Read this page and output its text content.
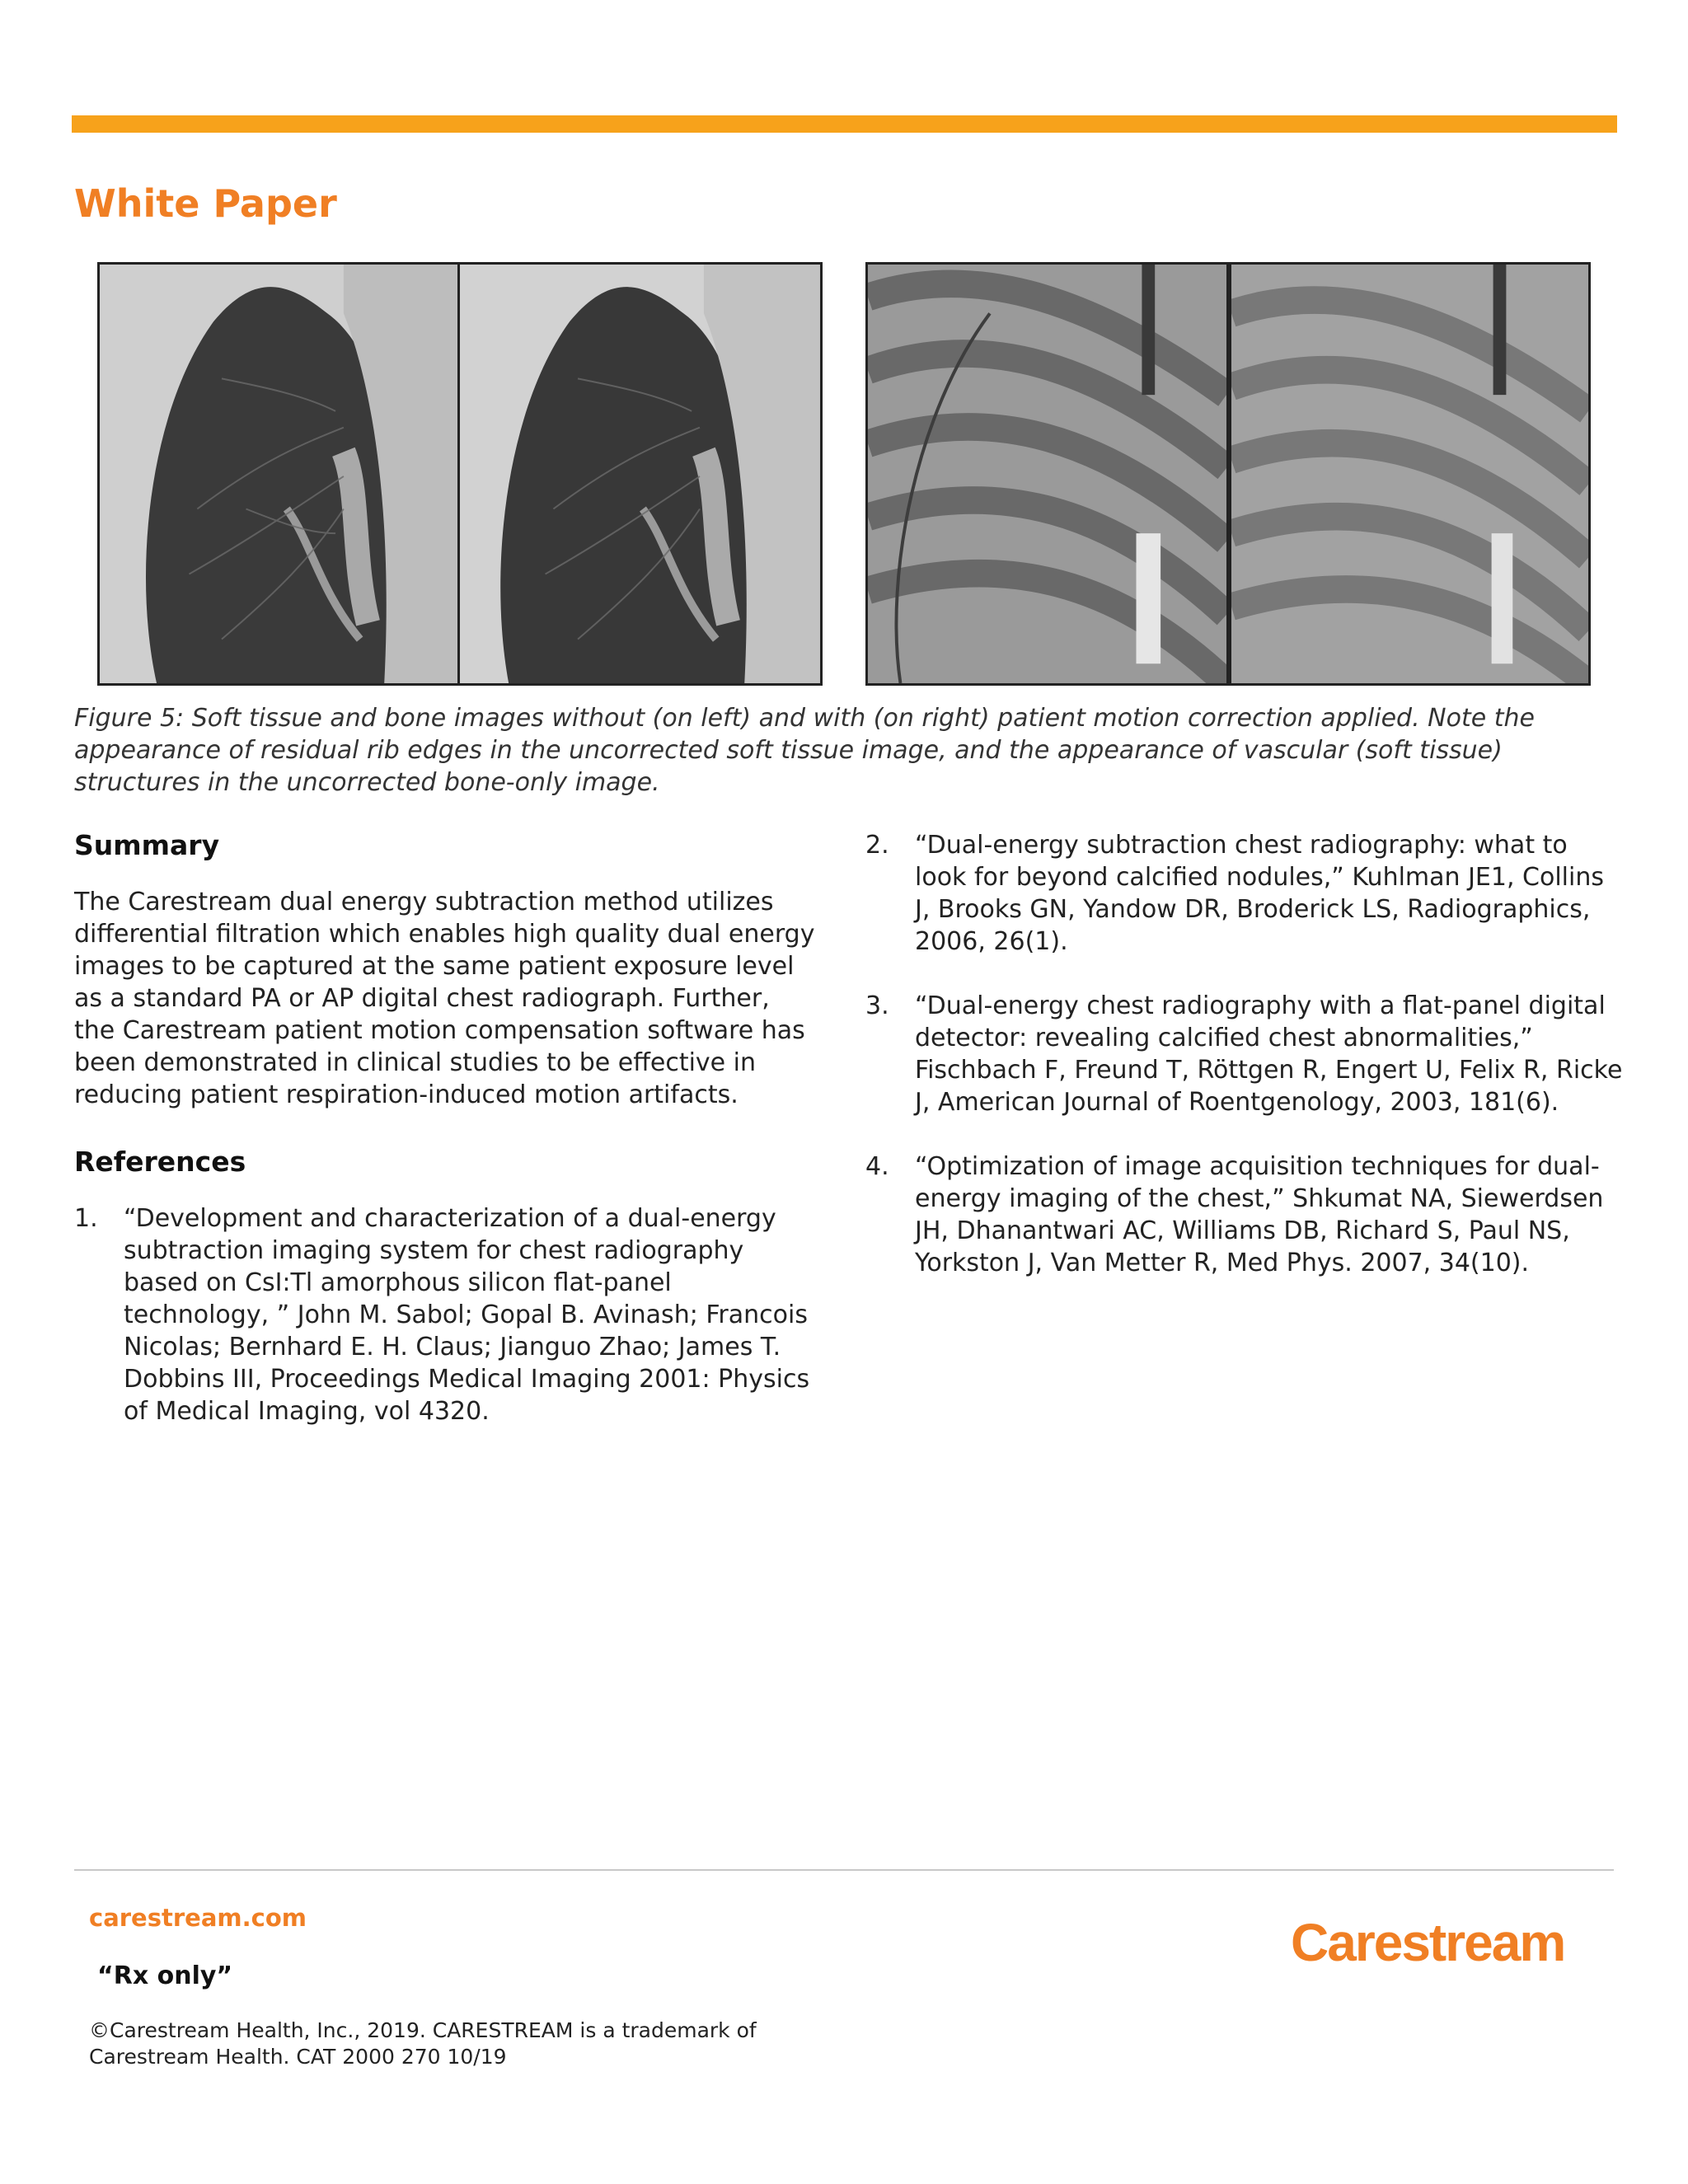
White Paper

Figure 5: Soft tissue and bone images without (on left) and with (on right) patient motion correction applied. Note the appearance of residual rib edges in the uncorrected soft tissue image, and the appearance of vascular (soft tissue) structures in the uncorrected bone-only image.

Summary

The Carestream dual energy subtraction method utilizes differential filtration which enables high quality dual energy images to be captured at the same patient exposure level as a standard PA or AP digital chest radiograph. Further, the Carestream patient motion compensation software has been demonstrated in clinical studies to be effective in reducing patient respiration-induced motion artifacts.

References
1.	“Development and characterization of a dual-energy subtraction imaging system for chest radiography based on CsI:Tl amorphous silicon flat-panel technology, ” John M. Sabol; Gopal B. Avinash; Francois Nicolas; Bernhard E. H. Claus; Jianguo Zhao; James T. Dobbins III, Proceedings Medical Imaging 2001: Physics of Medical Imaging, vol 4320.
2.	“Dual-energy subtraction chest radiography: what to look for beyond calcified nodules,” Kuhlman JE1, Collins J, Brooks GN, Yandow DR, Broderick LS, Radiographics, 2006, 26(1).
3.	“Dual-energy chest radiography with a flat-panel digital detector: revealing calcified chest abnormalities,” Fischbach F, Freund T, Röttgen R, Engert U, Felix R, Ricke J, American Journal of Roentgenology, 2003, 181(6).
4.	“Optimization of image acquisition techniques for dual-energy imaging of the chest,” Shkumat NA, Siewerdsen JH, Dhanantwari AC, Williams DB, Richard S, Paul NS, Yorkston J, Van Metter R, Med Phys. 2007, 34(10).
carestream.com
“Rx only”
©Carestream Health, Inc., 2019. CARESTREAM is a trademark of
Carestream Health. CAT 2000 270 10/19
Carestream
